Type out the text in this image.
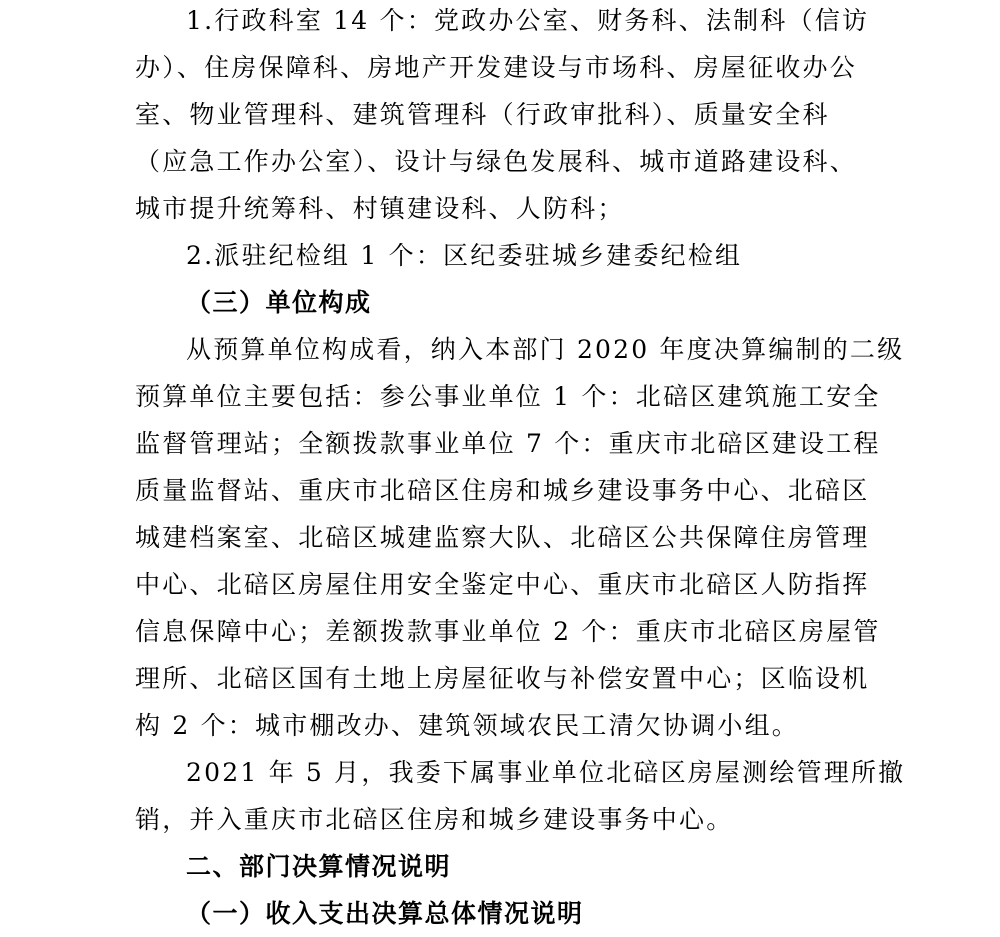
1.行政科室 14 个：党政办公室、财务科、法制科（信访
办）、住房保障科、房地产开发建设与市场科、房屋征收办公
室、物业管理科、建筑管理科（行政审批科）、质量安全科
（应急工作办公室）、设计与绿色发展科、城市道路建设科、
城市提升统筹科、村镇建设科、人防科；
2.派驻纪检组 1 个：区纪委驻城乡建委纪检组
（三）单位构成
从预算单位构成看，纳入本部门 2020 年度决算编制的二级
预算单位主要包括：参公事业单位 1 个：北碚区建筑施工安全
监督管理站；全额拨款事业单位 7 个：重庆市北碚区建设工程
质量监督站、重庆市北碚区住房和城乡建设事务中心、北碚区
城建档案室、北碚区城建监察大队、北碚区公共保障住房管理
中心、北碚区房屋住用安全鉴定中心、重庆市北碚区人防指挥
信息保障中心；差额拨款事业单位 2 个：重庆市北碚区房屋管
理所、北碚区国有土地上房屋征收与补偿安置中心；区临设机
构 2 个：城市棚改办、建筑领域农民工清欠协调小组。
2021 年 5 月，我委下属事业单位北碚区房屋测绘管理所撤
销，并入重庆市北碚区住房和城乡建设事务中心。
二、部门决算情况说明
（一）收入支出决算总体情况说明
